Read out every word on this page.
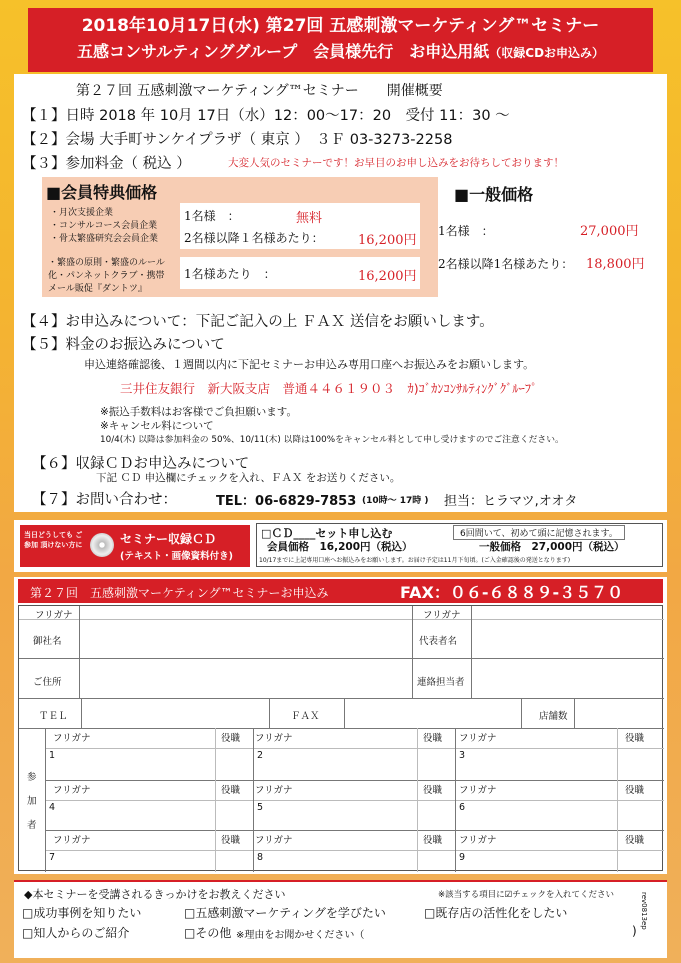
2018年10月17日(水) 第27回 五感刺激マーケティング™セミナー
五感コンサルティンググループ　会員様先行　お申込用紙（収録CDお申込み）
第２７回 五感刺激マーケティング™セミナー　　開催概要
【１】日時 2018 年 10月 17日（水）12：00〜17：20　受付 11：30 〜
【２】会場 大手町サンケイプラザ（ 東京 ）　３Ｆ 03-3273-2258
【３】参加料金（ 税込 ）	大変人気のセミナーです！お早目のお申し込みをお待ちしております！
■会員特典価格
・月次支援企業
・コンサルコース会員企業
・骨太繁盛研究会会員企業
1名様　：	無料
2名様以降１名様あたり：	16,200円
・繁盛の原則・繁盛のルール
化・パンネットクラブ・携帯
メール販促『ダントツ』
1名様あたり　：	16,200円
■一般価格
1名様　：	27,000円
2名様以降1名様あたり： 18,800円
【４】お申込みについて：下記ご記入の上 ＦＡＸ 送信をお願いします。
【５】料金のお振込みについて
申込連絡確認後、１週間以内に下記セミナーお申込み専用口座へお振込みをお願いします。
三井住友銀行　新大阪支店　普通４４６１９０３　ｶ)ｺﾞｶﾝｺﾝｻﾙﾃｨﾝｸﾞｸﾞﾙｰﾌﾟ
※振込手数料はお客様でご負担願います。
※キャンセル料について
10/4(木) 以降は参加料金の 50%、10/11(木) 以降は100%をキャンセル料として申し受けますのでご注意ください。
【６】収録ＣＤお申込みについて
下記 ＣＤ 申込欄にチェックを入れ、ＦＡＸ をお送りください。
【７】お問い合わせ：	TEL：06-6829-7853 (10時〜 17時 ) 担当：ヒラマツ,オオタ
当日どうしても ご参加 頂けない方に	セミナー収録ＣＤ
(テキスト・画像資料付き)
□ＣＤ____セット申し込む	6回間いて、初めて頭に記憶されます。
会員価格　16,200円（税込）	一般価格　27,000円（税込）
10/17までに上記専用口座へお振込みをお願いします。お届け予定は11月下旬頃。(ご入金確認後の発送となります)
第２７回　五感刺激マーケティング™セミナーお申込み	FAX：０６-６８８９-３５７０
フリガナ	フリガナ
御社名	代表者名
ご住所	連絡担当者
ＴＥＬ	ＦＡＸ	店舗数
参加者
フリガナ	役職 フリガナ	役職 フリガナ	役職
1	2	3
フリガナ	役職 フリガナ	役職 フリガナ	役職
4	5	6
フリガナ	役職 フリガナ	役職 フリガナ	役職
7	8	9
◆本セミナーを受講されるきっかけをお教えください	※該当する項目に☑チェックを入れてください
□成功事例を知りたい	□五感刺激マーケティングを学びたい	□既存店の活性化をしたい
□知人からのご紹介	□その他 ※理由をお聞かせください（	)
rev0813ep
